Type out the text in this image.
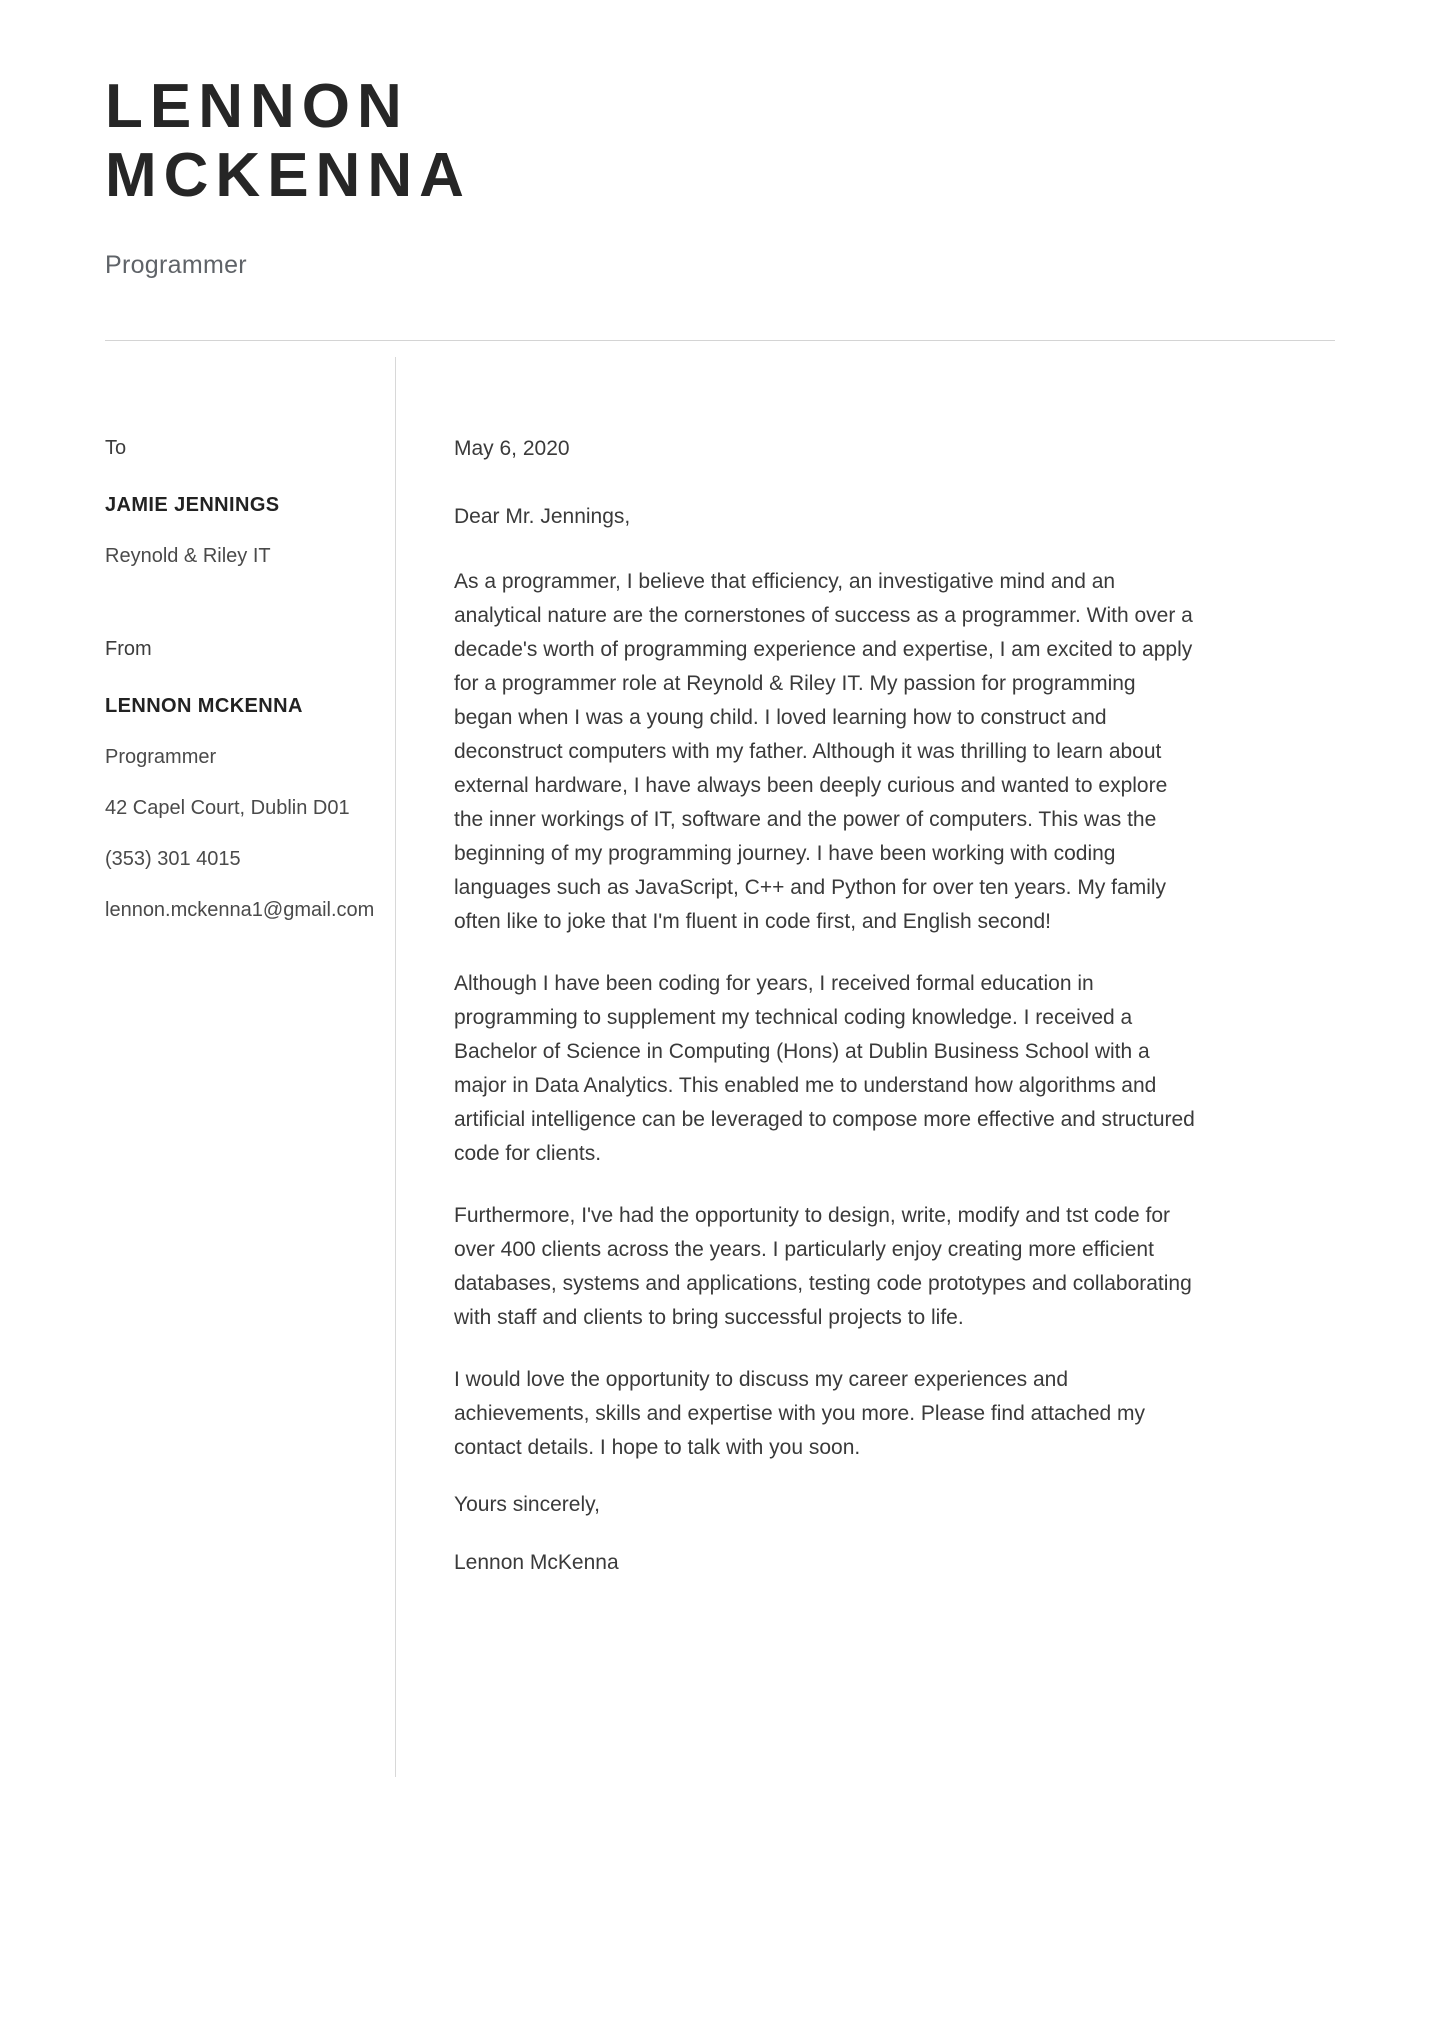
LENNON
MCKENNA

Programmer

To

JAMIE JENNINGS

Reynold & Riley IT

From

LENNON MCKENNA

Programmer

42 Capel Court, Dublin D01

(353) 301 4015

lennon.mckenna1@gmail.com

May 6, 2020

Dear Mr. Jennings,

As a programmer, I believe that efficiency, an investigative mind and an analytical nature are the cornerstones of success as a programmer. With over a decade's worth of programming experience and expertise, I am excited to apply for a programmer role at Reynold & Riley IT. My passion for programming began when I was a young child. I loved learning how to construct and deconstruct computers with my father. Although it was thrilling to learn about external hardware, I have always been deeply curious and wanted to explore the inner workings of IT, software and the power of computers. This was the beginning of my programming journey. I have been working with coding languages such as JavaScript, C++ and Python for over ten years. My family often like to joke that I'm fluent in code first, and English second!

Although I have been coding for years, I received formal education in programming to supplement my technical coding knowledge. I received a Bachelor of Science in Computing (Hons) at Dublin Business School with a major in Data Analytics. This enabled me to understand how algorithms and artificial intelligence can be leveraged to compose more effective and structured code for clients.

Furthermore, I've had the opportunity to design, write, modify and tst code for over 400 clients across the years. I particularly enjoy creating more efficient databases, systems and applications, testing code prototypes and collaborating with staff and clients to bring successful projects to life.

I would love the opportunity to discuss my career experiences and achievements, skills and expertise with you more. Please find attached my contact details. I hope to talk with you soon.

Yours sincerely,

Lennon McKenna
